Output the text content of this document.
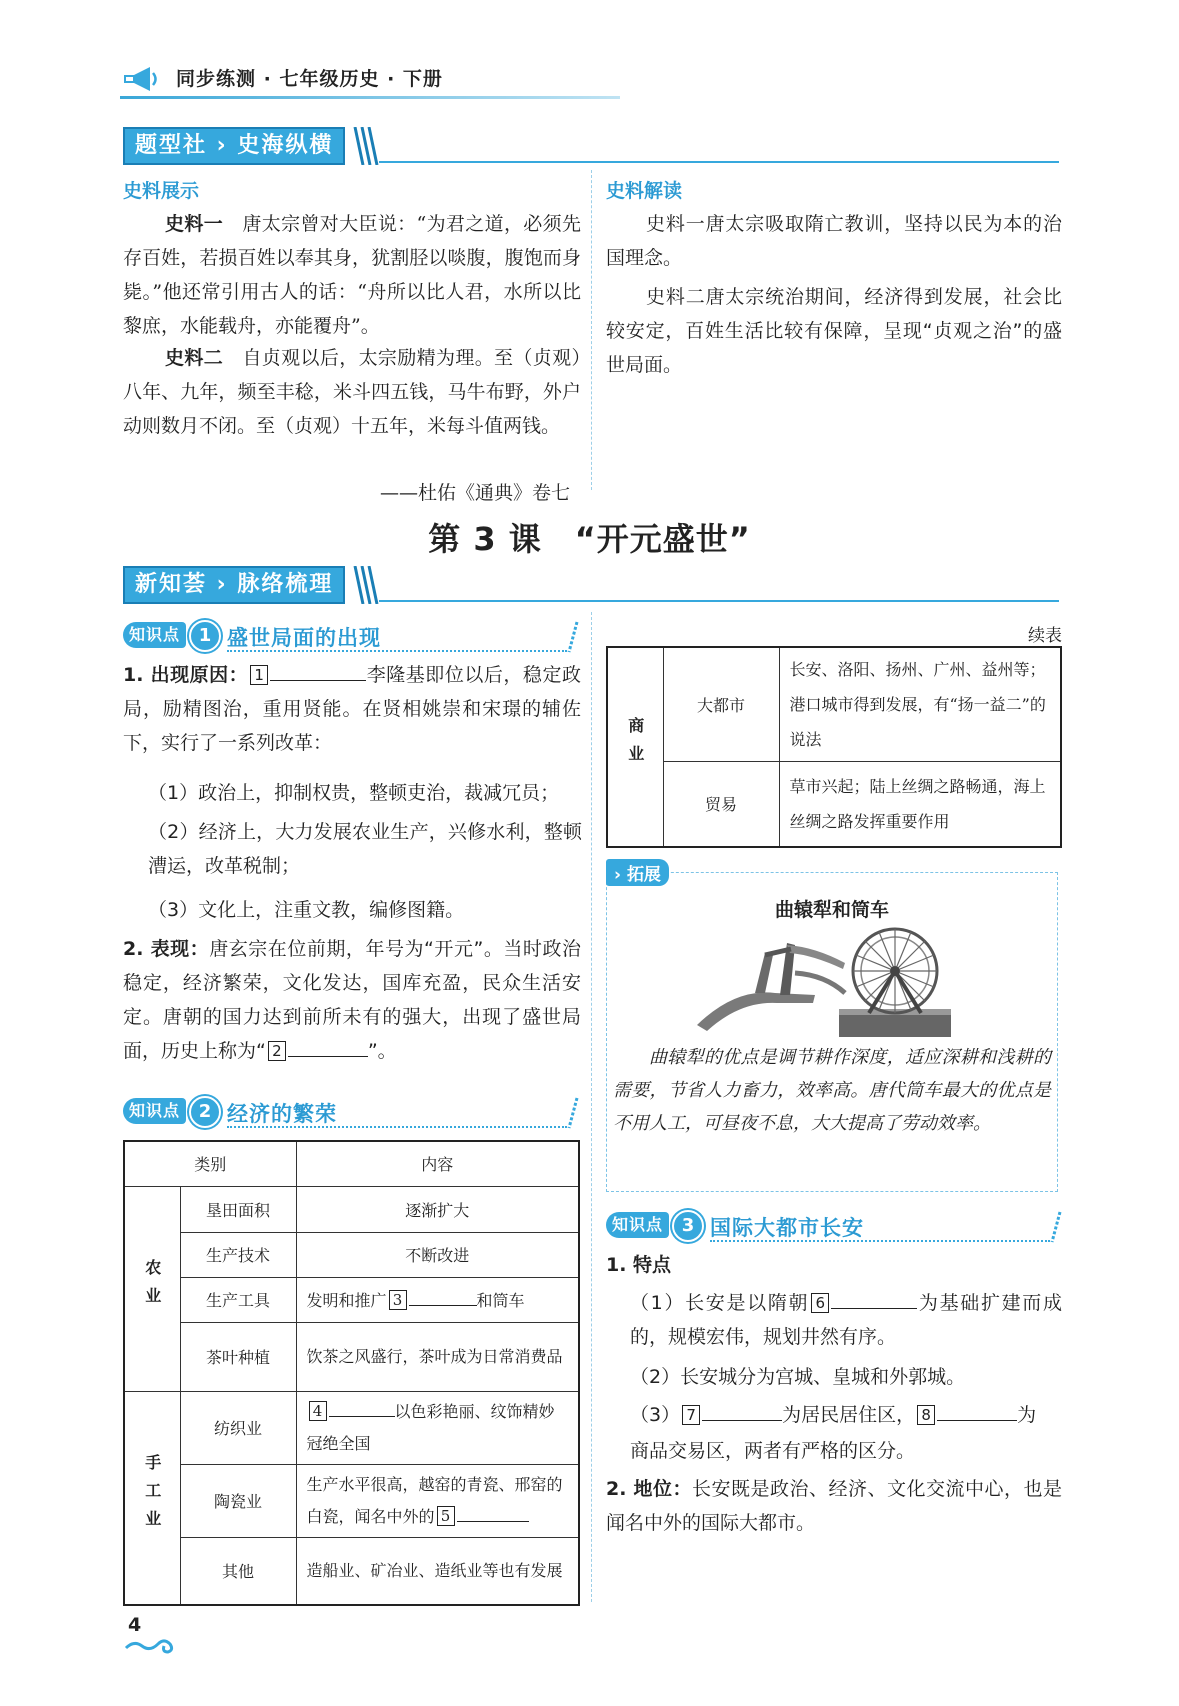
同步练测 · 七年级历史 · 下册
题型社 › 史海纵横
史料展示	史料解读
史料一　 唐太宗曾对大臣说：“为君之道，必须先存百姓，若损百姓以奉其身，犹割胫以啖腹，腹饱而身毙。”他还常引用古人的话：“舟所以比人君，水所以比黎庶，水能载舟，亦能覆舟”。
史料二　 自贞观以后，太宗励精为理。至（贞观）八年、九年，频至丰稔，米斗四五钱，马牛布野，外户动则数月不闭。至（贞观）十五年，米每斗值两钱。
——杜佑《通典》卷七
史料一唐太宗吸取隋亡教训，坚持以民为本的治国理念。
史料二唐太宗统治期间，经济得到发展，社会比较安定，百姓生活比较有保障，呈现“贞观之治”的盛世局面。
第 3 课　“开元盛世”
新知荟 › 脉络梳理
知识点	1 盛世局面的出现
1. 出现原因： 1	李隆基即位以后，稳定政局，励精图治，重用贤能。在贤相姚崇和宋璟的辅佐下，实行了一系列改革：
（1）政治上，抑制权贵，整顿吏治，裁减冗员；
（2）经济上，大力发展农业生产，兴修水利，整顿漕运，改革税制；
（3）文化上，注重文教，编修图籍。
2. 表现：唐玄宗在位前期，年号为“开元”。当时政治稳定，经济繁荣，文化发达，国库充盈，民众生活安定。唐朝的国力达到前所未有的强大，出现了盛世局面，历史上称为“ 2	”。
知识点	2 经济的繁荣
类别		内容
农业	垦田面积	逐渐扩大
	生产技术	不断改进
	生产工具	发明和推广 3 和筒车
	茶叶种植	饮茶之风盛行，茶叶成为日常消费品
手工业	纺织业	4 以色彩艳丽、纹饰精妙冠绝全国
	陶瓷业	生产水平很高，越窑的青瓷、邢窑的白瓷，闻名中外的 5
	其他	造船业、矿冶业、造纸业等也有发展
续表
商业	大都市	长安、洛阳、扬州、广州、益州等；港口城市得到发展，有“扬一益二”的说法
	贸易	草市兴起；陆上丝绸之路畅通，海上丝绸之路发挥重要作用
› 拓展
曲辕犁和筒车
曲辕犁的优点是调节耕作深度，适应深耕和浅耕的需要，节省人力畜力，效率高。唐代筒车最大的优点是不用人工，可昼夜不息，大大提高了劳动效率。
知识点	3 国际大都市长安
1. 特点
（1）长安是以隋朝 6	为基础扩建而成的，规模宏伟，规划井然有序。
（2）长安城分为宫城、皇城和外郭城。
（3） 7	为居民居住区， 8	为
商品交易区，两者有严格的区分。
2. 地位：长安既是政治、经济、文化交流中心，也是闻名中外的国际大都市。
4
